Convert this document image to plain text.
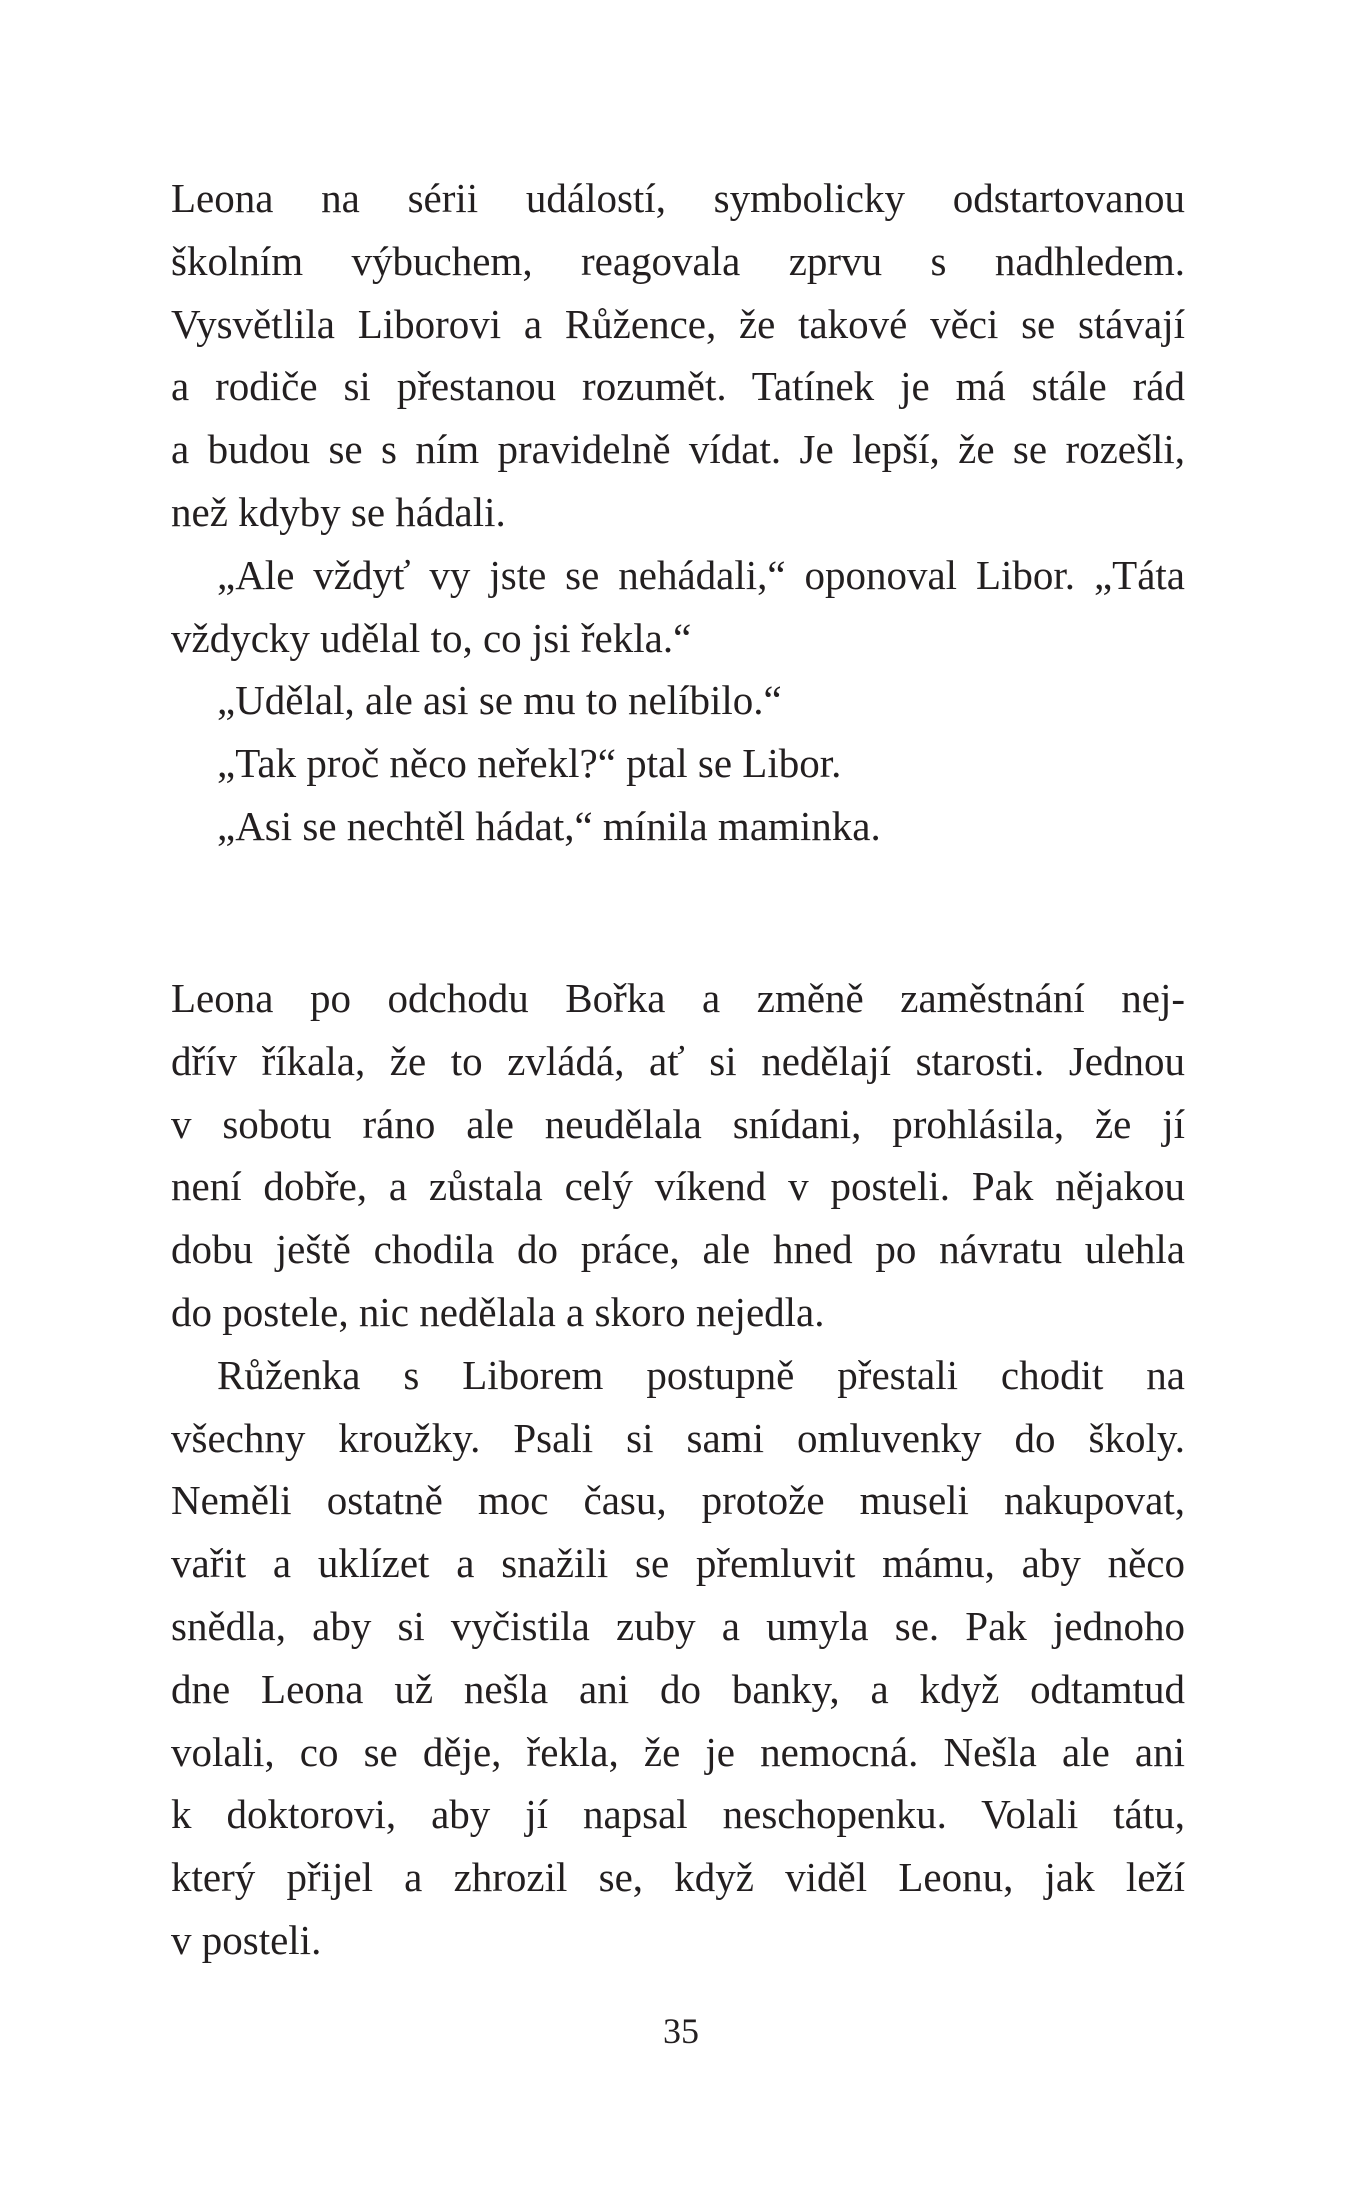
Leona na sérii událostí, symbolicky odstartovanou
školním výbuchem, reagovala zprvu s nadhledem.
Vysvětlila Liborovi a Růžence, že takové věci se stávají
a rodiče si přestanou rozumět. Tatínek je má stále rád
a budou se s ním pravidelně vídat. Je lepší, že se rozešli,
než kdyby se hádali.
„Ale vždyť vy jste se nehádali,“ oponoval Libor. „Táta
vždycky udělal to, co jsi řekla.“
„Udělal, ale asi se mu to nelíbilo.“
„Tak proč něco neřekl?“ ptal se Libor.
„Asi se nechtěl hádat,“ mínila maminka.
Leona po odchodu Bořka a změně zaměstnání nej-
dřív říkala, že to zvládá, ať si nedělají starosti. Jednou
v sobotu ráno ale neudělala snídani, prohlásila, že jí
není dobře, a zůstala celý víkend v posteli. Pak nějakou
dobu ještě chodila do práce, ale hned po návratu ulehla
do postele, nic nedělala a skoro nejedla.
Růženka s Liborem postupně přestali chodit na
všechny kroužky. Psali si sami omluvenky do školy.
Neměli ostatně moc času, protože museli nakupovat,
vařit a uklízet a snažili se přemluvit mámu, aby něco
snědla, aby si vyčistila zuby a umyla se. Pak jednoho
dne Leona už nešla ani do banky, a když odtamtud
volali, co se děje, řekla, že je nemocná. Nešla ale ani
k doktorovi, aby jí napsal neschopenku. Volali tátu,
který přijel a zhrozil se, když viděl Leonu, jak leží
v posteli.
35
